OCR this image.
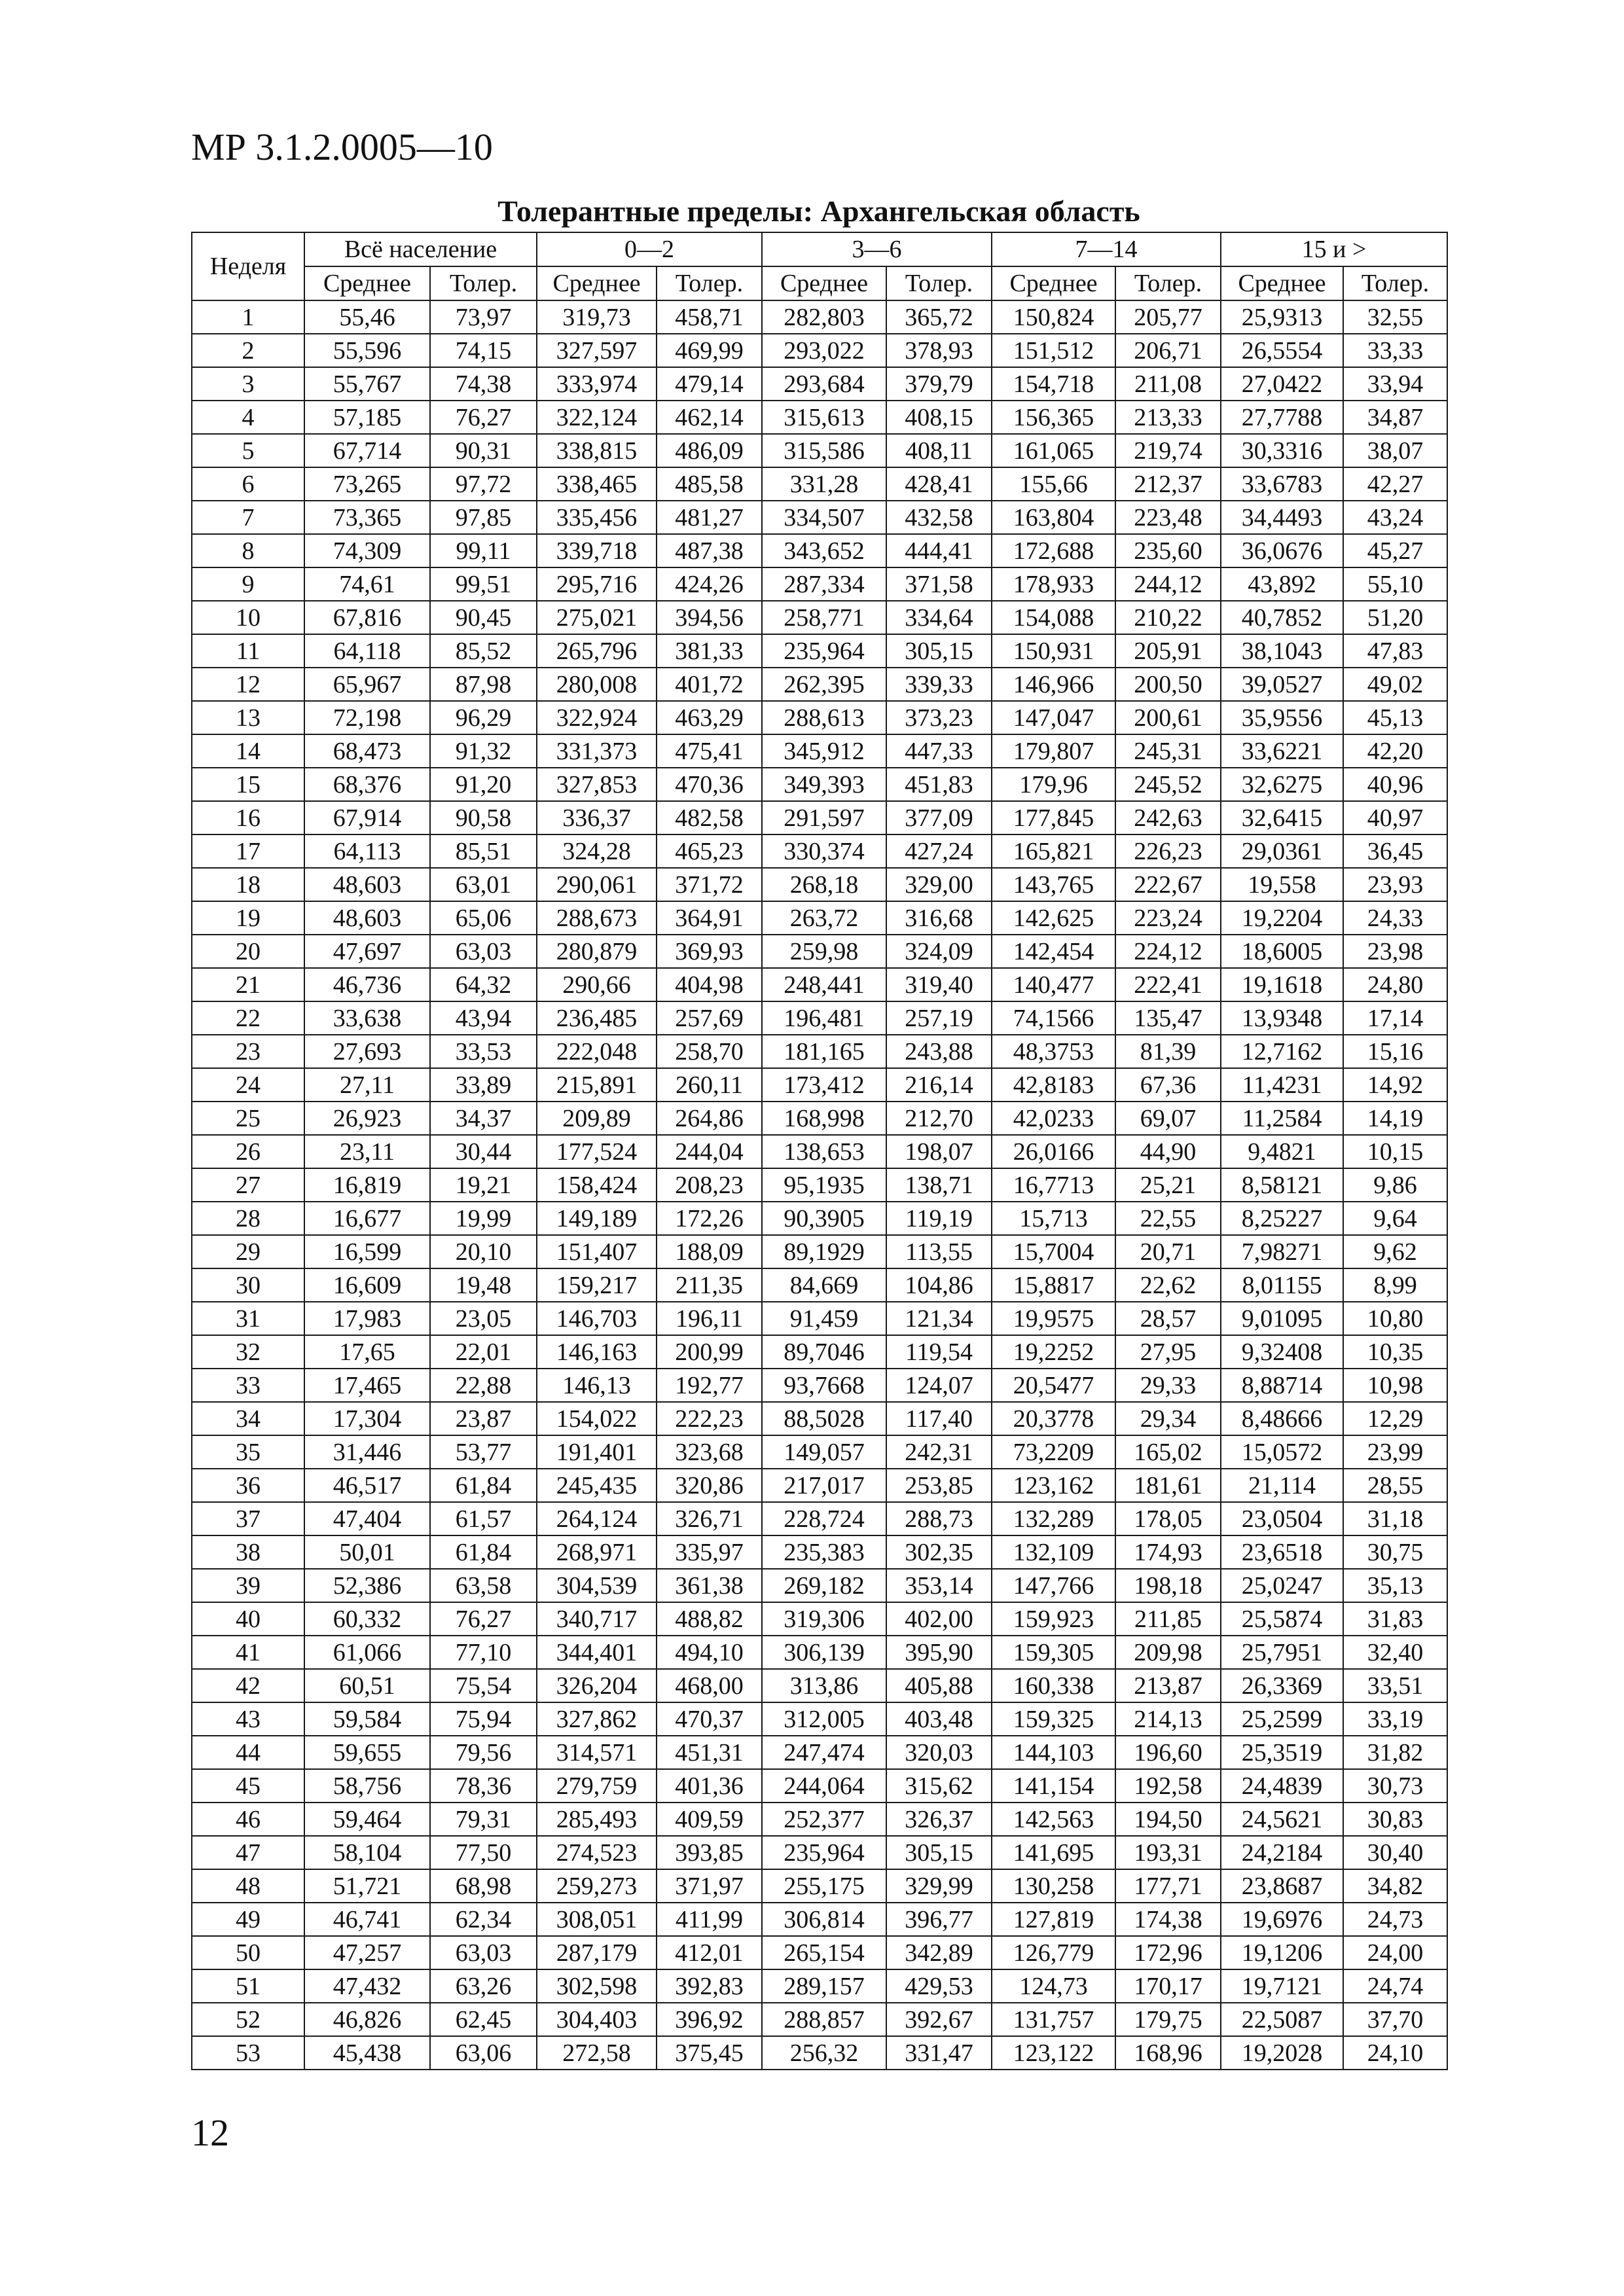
МР 3.1.2.0005—10
Толерантные пределы: Архангельская область
Неделя	Всё население		0—2		3—6		7—14		15 и >	
	Среднее	Толер.	Среднее	Толер.	Среднее	Толер.	Среднее	Толер.	Среднее	Толер.
1	55,46	73,97	319,73	458,71	282,803	365,72	150,824	205,77	25,9313	32,55
2	55,596	74,15	327,597	469,99	293,022	378,93	151,512	206,71	26,5554	33,33
3	55,767	74,38	333,974	479,14	293,684	379,79	154,718	211,08	27,0422	33,94
4	57,185	76,27	322,124	462,14	315,613	408,15	156,365	213,33	27,7788	34,87
5	67,714	90,31	338,815	486,09	315,586	408,11	161,065	219,74	30,3316	38,07
6	73,265	97,72	338,465	485,58	331,28	428,41	155,66	212,37	33,6783	42,27
7	73,365	97,85	335,456	481,27	334,507	432,58	163,804	223,48	34,4493	43,24
8	74,309	99,11	339,718	487,38	343,652	444,41	172,688	235,60	36,0676	45,27
9	74,61	99,51	295,716	424,26	287,334	371,58	178,933	244,12	43,892	55,10
10	67,816	90,45	275,021	394,56	258,771	334,64	154,088	210,22	40,7852	51,20
11	64,118	85,52	265,796	381,33	235,964	305,15	150,931	205,91	38,1043	47,83
12	65,967	87,98	280,008	401,72	262,395	339,33	146,966	200,50	39,0527	49,02
13	72,198	96,29	322,924	463,29	288,613	373,23	147,047	200,61	35,9556	45,13
14	68,473	91,32	331,373	475,41	345,912	447,33	179,807	245,31	33,6221	42,20
15	68,376	91,20	327,853	470,36	349,393	451,83	179,96	245,52	32,6275	40,96
16	67,914	90,58	336,37	482,58	291,597	377,09	177,845	242,63	32,6415	40,97
17	64,113	85,51	324,28	465,23	330,374	427,24	165,821	226,23	29,0361	36,45
18	48,603	63,01	290,061	371,72	268,18	329,00	143,765	222,67	19,558	23,93
19	48,603	65,06	288,673	364,91	263,72	316,68	142,625	223,24	19,2204	24,33
20	47,697	63,03	280,879	369,93	259,98	324,09	142,454	224,12	18,6005	23,98
21	46,736	64,32	290,66	404,98	248,441	319,40	140,477	222,41	19,1618	24,80
22	33,638	43,94	236,485	257,69	196,481	257,19	74,1566	135,47	13,9348	17,14
23	27,693	33,53	222,048	258,70	181,165	243,88	48,3753	81,39	12,7162	15,16
24	27,11	33,89	215,891	260,11	173,412	216,14	42,8183	67,36	11,4231	14,92
25	26,923	34,37	209,89	264,86	168,998	212,70	42,0233	69,07	11,2584	14,19
26	23,11	30,44	177,524	244,04	138,653	198,07	26,0166	44,90	9,4821	10,15
27	16,819	19,21	158,424	208,23	95,1935	138,71	16,7713	25,21	8,58121	9,86
28	16,677	19,99	149,189	172,26	90,3905	119,19	15,713	22,55	8,25227	9,64
29	16,599	20,10	151,407	188,09	89,1929	113,55	15,7004	20,71	7,98271	9,62
30	16,609	19,48	159,217	211,35	84,669	104,86	15,8817	22,62	8,01155	8,99
31	17,983	23,05	146,703	196,11	91,459	121,34	19,9575	28,57	9,01095	10,80
32	17,65	22,01	146,163	200,99	89,7046	119,54	19,2252	27,95	9,32408	10,35
33	17,465	22,88	146,13	192,77	93,7668	124,07	20,5477	29,33	8,88714	10,98
34	17,304	23,87	154,022	222,23	88,5028	117,40	20,3778	29,34	8,48666	12,29
35	31,446	53,77	191,401	323,68	149,057	242,31	73,2209	165,02	15,0572	23,99
36	46,517	61,84	245,435	320,86	217,017	253,85	123,162	181,61	21,114	28,55
37	47,404	61,57	264,124	326,71	228,724	288,73	132,289	178,05	23,0504	31,18
38	50,01	61,84	268,971	335,97	235,383	302,35	132,109	174,93	23,6518	30,75
39	52,386	63,58	304,539	361,38	269,182	353,14	147,766	198,18	25,0247	35,13
40	60,332	76,27	340,717	488,82	319,306	402,00	159,923	211,85	25,5874	31,83
41	61,066	77,10	344,401	494,10	306,139	395,90	159,305	209,98	25,7951	32,40
42	60,51	75,54	326,204	468,00	313,86	405,88	160,338	213,87	26,3369	33,51
43	59,584	75,94	327,862	470,37	312,005	403,48	159,325	214,13	25,2599	33,19
44	59,655	79,56	314,571	451,31	247,474	320,03	144,103	196,60	25,3519	31,82
45	58,756	78,36	279,759	401,36	244,064	315,62	141,154	192,58	24,4839	30,73
46	59,464	79,31	285,493	409,59	252,377	326,37	142,563	194,50	24,5621	30,83
47	58,104	77,50	274,523	393,85	235,964	305,15	141,695	193,31	24,2184	30,40
48	51,721	68,98	259,273	371,97	255,175	329,99	130,258	177,71	23,8687	34,82
49	46,741	62,34	308,051	411,99	306,814	396,77	127,819	174,38	19,6976	24,73
50	47,257	63,03	287,179	412,01	265,154	342,89	126,779	172,96	19,1206	24,00
51	47,432	63,26	302,598	392,83	289,157	429,53	124,73	170,17	19,7121	24,74
52	46,826	62,45	304,403	396,92	288,857	392,67	131,757	179,75	22,5087	37,70
53	45,438	63,06	272,58	375,45	256,32	331,47	123,122	168,96	19,2028	24,10
12
